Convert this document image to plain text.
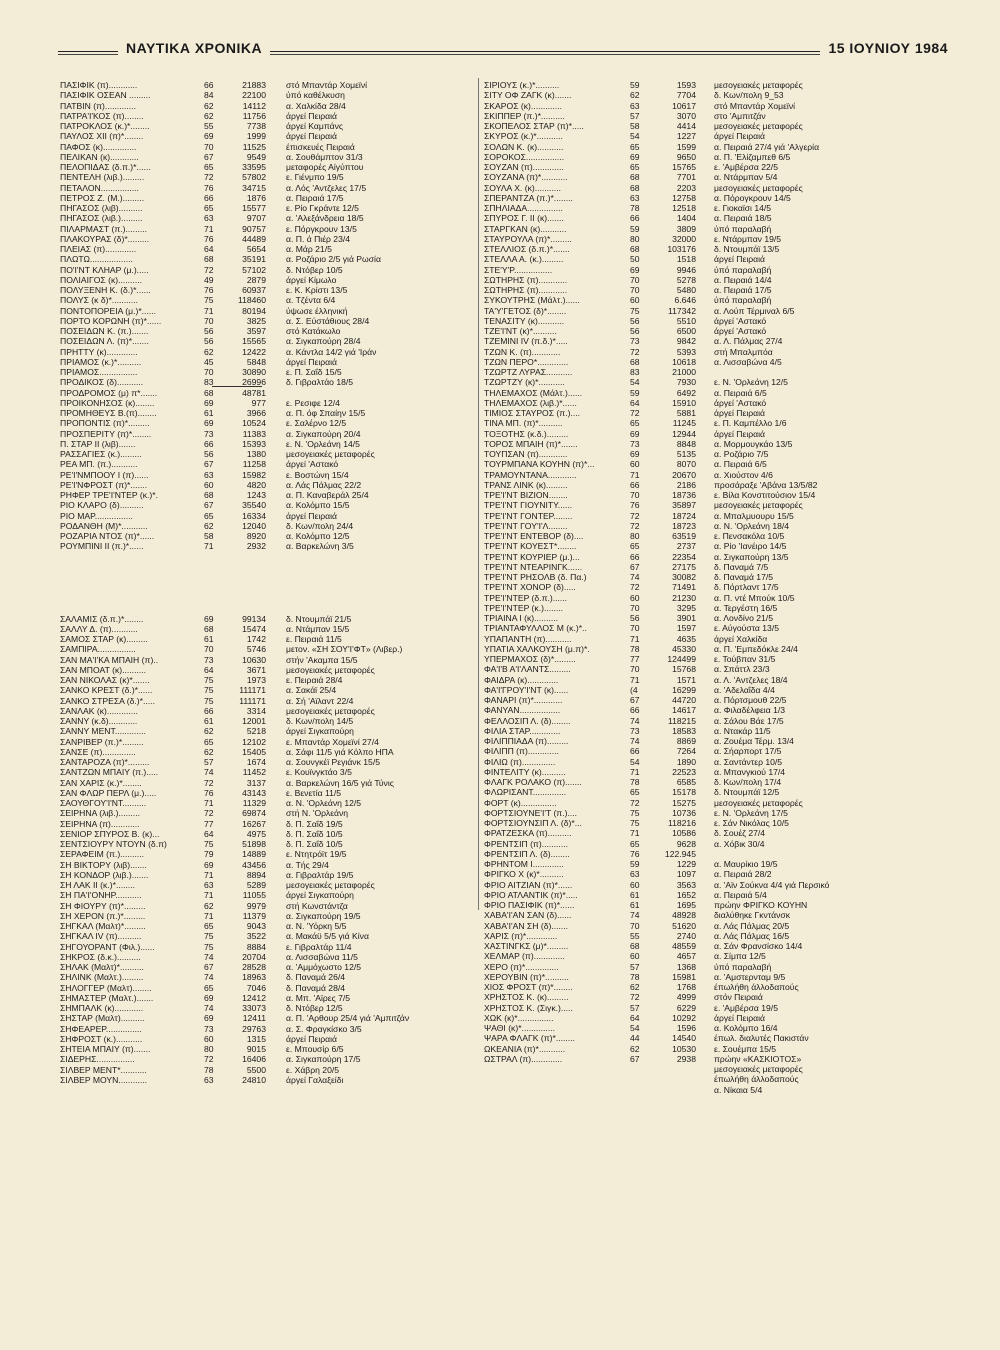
ΝΑΥΤΙΚΑ ΧΡΟΝΙΚΑ	15 ΙΟΥΝΙΟΥ 1984
ΠΑΣΙΦΙΚ (π)............	66	21883	στό Μπαντάρ Χομεϊνί
ΠΑΣΙΦΙΚ ΟΣΕΑΝ .........	84	22100	ύπό καθέλκυση
ΠΑΤΒΙΝ (π).............	62	14112	α. Χαλκίδα 28/4
ΠΑΤΡΑ'Ι'ΚΟΣ (π)........	62	11756	άργεί Πειραιά
ΠΑΤΡΟΚΛΟΣ (κ.)*........	55	7738	άργεί Καμπάνς
ΠΑΥΛΟΣ XII (π)*........	69	1999	άργεί Πειραιά
ΠΑΦΟΣ (κ)..............	70	11525	έπισκευές Πειραιά
ΠΕΛΙΚΑΝ (κ)............	67	9549	α. Σουθάμπτον 31/3
ΠΕΛΟΠΙΔΑΣ (δ.π.)*......	65	33595	μεταφορές Αίγύπτου
ΠΕΝΤΕΛΗ (λιβ.).........	72	57802	ε. Γιένμπο 19/5
ΠΕΤΑΛΟΝ................	76	34715	α. Λός 'Αντζελες 17/5
ΠΕΤΡΟΣ Ζ. (Μ.).........	66	1876	α. Πειραιά 17/5
ΠΗΓΑΣΟΣ (λιβ)..........	65	15577	ε. Ρίο Γκράντε 12/5
ΠΗΓΑΣΟΣ (λιβ.).........	63	9707	α. 'Αλεξάνδρεια 18/5
ΠΙΛΑΡΜΑΣΤ (π.).........	71	90757	ε. Πόργκρουν 13/5
ΠΛΑΚΟΥΡΑΣ (δ)*.........	76	44489	α. Π. ά Πιέρ 23/4
ΠΛΕΙΑΣ (π).............	64	5654	α. Μάρ 21/5
ΠΛΩΤΩ..................	68	35191	α. Ροζάριο 2/5 γιά Ρωσία
ΠΟ'Ι'ΝΤ ΚΛΗΑΡ (μ.).....	72	57102	δ. Ντόβερ 10/5
ΠΟΛΙΑΙΓΟΣ (κ)..........	49	2879	άργεί Κίμωλο
ΠΟΛΥΞΕΝΗ Κ. (δ.)*......	76	60937	ε. Κ. Κρίστι 13/5
ΠΟΛΥΣ (κ δ)*...........	75	118460	α. Τζέντα 6/4
ΠΟΝΤΟΠΟΡΕΙΑ (μ.)*......	71	80194	ύψωσε έλληνική
ΠΟΡΤΟ ΚΟΡΩΝΗ (π)*......	70	3825	α. Σ. Εύστάθιους 28/4
ΠΟΣΕΙΔΩΝ Κ. (π.).......	56	3597	στό Κατάκωλο
ΠΟΣΕΙΔΩΝ Λ. (π)*.......	56	15565	α. Σιγκαπούρη 28/4
ΠΡΗΤΤΥ (κ).............	62	12422	α. Κάντλα 14/2 γιά 'Ιράν
ΠΡΙΑΜΟΣ (κ.)*..........	45	5848	άργεί Πειραιά
ΠΡΙΑΜΟΣ................	70	30890	ε. Π. Σαΐδ 15/5
ΠΡΟΔΙΚΟΣ (δ)...........	83	26996	δ. Γιβραλτάο 18/5
ΠΡΟΔΡΟΜΟΣ (μ) π*.......	68	48781
ΠΡΟΙΚΟΝΗΣΟΣ (κ)........	69	977	ε. Ρεσιφε 12/4
ΠΡΟΜΗΘΕΥΣ Β.(π)........	61	3966	α. Π. όφ Σπαίην 15/5
ΠΡΟΠΟΝΤΙΣ (π)*.........	69	10524	ε. Σαλέρνο 12/5
ΠΡΟΣΠΕΡΙΤΥ (π)*........	73	11383	α. Σιγκαπούρη 20/4
Π. ΣΤΑΡ II (λιβ).......	66	15393	ε. Ν. 'Ορλεάνη 14/5
ΡΑΣΣΑΓΙΕΣ (κ.).........	56	1380	μεσογειακές μεταφορές
ΡΕΑ ΜΠ. (π.)...........	67	11258	άργεί 'Αστακό
ΡΕ'Ι'ΝΜΠΟΟΥ Ι (π)......	63	15982	ε. Βοστώνη 15/4
ΡΕ'Ι'ΝΦΡΟΣΤ (π)*.......	60	4820	α. Λάς Πάλμας 22/2
ΡΗΦΕΡ ΤΡΕ'Ι'ΝΤΕΡ (κ.)*.	68	1243	α. Π. Καναβεράλ 25/4
ΡΙΟ ΚΛΑΡΟ (δ)..........	67	35540	α. Κολόμπο 15/5
ΡΙΟ ΜΑΡ................	65	16334	άργεί Πειραιά
ΡΟΔΑΝΘΗ (Μ)*...........	62	12040	δ. Κων/πολη 24/4
ΡΟΖΑΡΙΑ ΝΤΟΣ (π)*......	58	8920	α. Κολόμπο 12/5
ΡΟΥΜΠΙΝΙ II (π.)*......	71	2932	α. Βαρκελώνη 3/5
ΣΑΛΑΜΙΣ (δ.π.)*........	69	99134	δ. Ντουμπάϊ 21/5
ΣΑΛΛΥ Δ. (π)...........	68	15474	α. Ντάμπαν 15/5
ΣΑΜΟΣ ΣΤΑΡ (κ).........	61	1742	ε. Πειραιά 11/5
ΣΑΜΠΙΡΑ................	70	5746	μετον. «ΣΗ ΣΟΥ'Ι'ΦΤ» (Λιβερ.)
ΣΑΝ ΜΑ'Ι'ΚΑ ΜΠΑΙΗ (π)..	73	10630	στήν 'Ακαμπα 15/5
ΣΑΝ ΜΠΟΑΤ (κ)..........	64	3671	μεσογειακές μεταφορές
ΣΑΝ ΝΙΚΟΛΑΣ (κ)*.......	75	1973	ε. Πειραιά 28/4
ΣΑΝΚΟ ΚΡΕΣΤ (δ.)*......	75	111171	α. Σακάϊ 25/4
ΣΑΝΚΟ ΣΤΡΕΣΑ (δ.)*.....	75	111171	α. Σή 'Αϊλαντ 22/4
ΣΑΝΛΑΚ (κ).............	66	3314	μεσογειακές μεταφορές
ΣΑΝΝΥ (κ.δ)............	61	12001	δ. Κων/πολη 14/5
ΣΑΝΝΥ ΜΕΝΤ.............	62	5218	άργεί Σιγκαπούρη
ΣΑΝΡΙΒΕΡ (π.)*.........	65	12102	ε. Μπαντάρ Χομεϊνί 27/4
ΣΑΝΣΕ (π)..............	62	15405	α. Σάφι 11/5 γιά Κόλπο ΗΠΑ
ΣΑΝΤΑΡΟΖΑ (π)*.........	57	1674	α. Σουνγκέϊ Ρεγιάνκ 15/5
ΣΑΝΤΖΩΝ ΜΠΑΙΥ (π.).....	74	11452	ε. Κουϊνγκτάο 3/5
ΣΑΝ ΧΑΡΙΣ (κ.)*........	72	3137	α. Βαρκελώνη 16/5 γιά Τύνις
ΣΑΝ ΦΛΩΡ ΠΕΡΛ (μ.).....	76	43143	ε. Βενετία 11/5
ΣΑΟΥΘΓΟΥ'Ι'ΝΤ..........	71	11329	α. Ν. 'Ορλεάνη 12/5
ΣΕΙΡΗΝΑ (λιβ.).........	72	69874	στή Ν. 'Ορλεάνη
ΣΕΙΡΗΝΑ (π)............	77	16267	δ. Π. Σαΐδ 19/5
ΣΕΝΙΟΡ ΣΠΥΡΟΣ Β. (κ)...	64	4975	δ. Π. Σαΐδ 10/5
ΣΕΝΤΣΙΟΥΡΥ ΝΤΟΥΝ (δ.π)	75	51898	δ. Π. Σαΐδ 10/5
ΣΕΡΑΦΕΙΜ (π.)..........	79	14889	ε. Ντητρόϊτ 19/5
ΣΗ ΒΙΚΤΟΡΥ (λιβ).......	69	43456	α. Τής 29/4
ΣΗ ΚΟΝΔΟΡ (λιβ.).......	71	8894	α. Γιβραλτάρ 19/5
ΣΗ ΛΑΚ II (κ.)*........	63	5289	μεσογειακές μεταφορές
ΣΗ ΠΑ'Ι'ΟΝΗΡ...........	71	11055	άργεί Σιγκαπούρη
ΣΗ ΦΙΟΥΡΥ (π)*.........	62	9979	στή Κωνστάντζα
ΣΗ ΧΕΡΟΝ (π.)*.........	71	11379	α. Σιγκαπούρη 19/5
ΣΗΓΚΑΛ (Μαλτ)*.........	65	9043	α. Ν. 'Υόρκη 5/5
ΣΗΓΚΑΛ IV (π)..........	75	3522	α. Μακάϋ 5/5 γιά Κίνα
ΣΗΓΟΥΟΡΑΝΤ (Φιλ.)......	75	8884	ε. Γιβραλτάρ 11/4
ΣΗΚΡΟΣ (δ.κ.)..........	74	20704	α. Λισσαβώνα 11/5
ΣΗΛΑΚ (Μαλτ)*..........	67	28528	α. 'Αμμόχωστο 12/5
ΣΗΛΙΝΚ (Μαλτ.).........	74	18963	δ. Παναμά 26/4
ΣΗΛΟΓΓΕΡ (Μαλτ)........	65	7046	δ. Παναμά 28/4
ΣΗΜΑΣΤΕΡ (Μαλτ.).......	69	12412	α. Μπ. 'Αϊρες 7/5
ΣΗΜΠΑΛΚ (κ)............	74	33073	δ. Ντόβερ 12/5
ΣΗΣΤΑΡ (Μαλτ)..........	69	12411	α. Π. 'Αρθουρ 25/4 γιά 'Αμπιτζάν
ΣΗΦΕΑΡΕΡ...............	73	29763	α. Σ. Φραγκίσκο 3/5
ΣΗΦΡΟΣΤ (κ.)...........	60	1315	άργεί Πειραιά
ΣΗΤΕΙΑ ΜΠΑΙΥ (π).......	80	9015	ε. Μπουσίρ 6/5
ΣΙΔΕΡΗΣ................	72	16406	α. Σιγκαπούρη 17/5
ΣΙΛΒΕΡ ΜΕΝΤ*...........	78	5500	ε. Χάβρη 20/5
ΣΙΛΒΕΡ ΜΟΥΝ............	63	24810	άργεί Γαλαξείδι
ΣΙΡΙΟΥΣ (κ.)*..........	59	1593	μεσογειακές μεταφορές
ΣΙΤΥ ΟΦ ΖΑΓΚ (κ).......	62	7704	δ. Κων/πολη 9_53
ΣΚΑΡΟΣ (κ).............	63	10617	στό Μπαντάρ Χομεϊνί
ΣΚΙΠΠΕΡ (π.)*..........	57	3070	στο 'Αμπιτζάν
ΣΚΟΠΕΛΟΣ ΣΤΑΡ (π)*.....	58	4414	μεσογειακές μεταφορές
ΣΚΥΡΟΣ (κ.)*...........	54	1227	άργεί Πειραιά
ΣΟΛΩΝ Κ. (κ)...........	65	1599	α. Πειραιά 27/4 γιά 'Αλγερία
ΣΟΡΟΚΟΣ................	69	9650	α. Π. 'Ελίζαμπεθ 6/5
ΣΟΥΖΑΝ (π).............	65	15765	ε. 'Αμβέρσα 22/5
ΣΟΥΖΑΝΑ (π)*...........	68	7701	α. Ντάρμπαν 5/4
ΣΟΥΛΑ Χ. (κ)...........	68	2203	μεσογειακές μεταφορές
ΣΠΕΡΑΝΤΖΑ (π.)*........	63	12758	α. Πόρογκρουν 14/5
ΣΠΗΛΙΑΔΑ...............	78	12518	ε. Γιοκαϊσι 14/5
ΣΠΥΡΟΣ Γ. II (κ).......	66	1404	α. Πειραιά 18/5
ΣΤΑΡΓΚΑΝ (κ)...........	59	3809	ύπό παραλαβή
ΣΤΑΥΡΟΥΛΑ (π)*.........	80	32000	ε. Ντάρμπαν 19/5
ΣΤΕΛΛΙΟΣ (δ.π.)*.......	68	103176	δ. Ντουμπάϊ 13/5
ΣΤΕΛΛΑ Α. (κ.).........	50	1518	άργεί Πειραιά
ΣΤΕ'Υ'Ρ................	69	9946	ύπό παραλαβή
ΣΩΤΗΡΗΣ (π)............	70	5278	α. Πειραιά 14/4
ΣΩΤΗΡΗΣ (π)............	70	5480	α. Πειραιά 17/5
ΣΥΚΟΥΤΡΗΣ (Μάλτ.)......	60	6.646	ύπό παραλαβή
ΤΑ'Υ'ΓΕΤΟΣ (δ)*........	75	117342	α. Λούπ Τέρμιναλ 6/5
ΤΕΝΑΣΙΤΥ (κ)...........	56	5510	άργεί 'Αστακό
ΤΖΕ'Ι'ΝΤ (κ)*..........	56	6500	άργεί 'Αστακό
ΤΖΕΜΙΝΙ IV (π.δ.)*.....	73	9842	α. Λ. Πάλμας 27/4
ΤΖΩΝ Κ. (π)............	72	5393	στή Μπαλμπόα
ΤΖΩΝ ΠΕΡΟ*.............	68	10618	α. Λισσαβώνα 4/5
ΤΖΩΡΤΖ ΛΥΡΑΣ...........	83	21000
ΤΖΩΡΤΖΥ (κ)*...........	54	7930	ε. Ν. 'Ορλεάνη 12/5
ΤΗΛΕΜΑΧΟΣ (Μάλτ.)......	59	6492	α. Πειραιά 6/5
ΤΗΛΕΜΑΧΟΣ (λιβ.)*......	64	15910	άργεί 'Αστακό
ΤΙΜΙΟΣ ΣΤΑΥΡΟΣ (π.)....	72	5881	άργεί Πειραιά
ΤΙΝΑ ΜΠ. (π)*..........	65	11245	ε. Π. Καμπέλλο 1/6
ΤΟΞΟΤΗΣ (κ.δ.).........	69	12944	άργεί Πειραιά
ΤΟΡΟΣ ΜΠΑΙΗ (π)*.......	73	8848	α. Μορμουγκάο 13/5
ΤΟΥΠΣΑΝ (π)............	69	5135	α. Ροζάριο 7/5
ΤΟΥΡΜΠΑΝΑ ΚΟΥΗΝ (π)*...	60	8070	α. Πειραιά 6/5
ΤΡΑΜΟΥΝΤΑΝΑ............	71	20670	α. Χιούστον 4/6
ΤΡΑΝΣ ΛΙΝΚ (κ).........	66	2186	προσάραξε 'Αβάνα 13/5/82
ΤΡΕ'Ι'ΝΤ ΒΙΖΙΟΝ........	70	18736	ε. Βίλα Κονστιτούσιον 15/4
ΤΡΕ'Ι'ΝΤ ΓΙΟΥΝΙΤΥ......	76	35897	μεσογειακές μεταφορές
ΤΡΕ'Ι'ΝΤ ΓΟΝΤΕΡ........	72	18724	α. Μπαλμυουρυ 15/5
ΤΡΕ'Ι'ΝΤ ΓΟΥ'Ι'Λ........	72	18723	α. Ν. 'Ορλεάνη 18/4
ΤΡΕ'Ι'ΝΤ ΕΝΤΕΒΟΡ (δ)....	80	63519	ε. Πενσακόλα 10/5
ΤΡΕ'Ι'ΝΤ ΚΟΥΕΣΤ*........	65	2737	α. Ρίο 'Ιανέιρο 14/5
ΤΡΕ'Ι'ΝΤ ΚΟΥΡΙΕΡ (μ.)...	66	22354	α. Σιγκαπούρη 13/5
ΤΡΕ'Ι'ΝΤ ΝΤΕΑΡΙΝΓΚ......	67	27175	δ. Παναμά 7/5
ΤΡΕ'Ι'ΝΤ ΡΗΣΟΛΒ (δ. Πα.)	74	30082	δ. Παναμά 17/5
ΤΡΕ'Ι'ΝΤ ΧΟΝΟΡ (δ).....	72	71491	δ. Πόρτλαντ 17/5
ΤΡΕ'Ι'ΝΤΕΡ (δ.π.)......	60	21230	α. Π. ντέ Μπούκ 10/5
ΤΡΕ'Ι'ΝΤΕΡ (κ.)........	70	3295	α. Τεργέστη 16/5
ΤΡΙΑΙΝΑ Ι (κ)..........	56	3901	α. Λονδίνο 21/5
ΤΡΙΑΝΤΑΦΥΛΛΟΣ Μ (κ.)*..	70	1597	ε. Αύγούστα 13/5
ΥΠΑΠΑΝΤΗ (π)...........	71	4635	άργεί Χαλκίδα
ΥΠΑΤΙΑ ΧΑΛΚΟΥΣΗ (μ.π)*.	78	45330	α. Π. 'Εμπεδόκλε 24/4
ΥΠΕΡΜΑΧΟΣ (δ)*.........	77	124499	ε. Τούβπαν 31/5
ΦΑ'Ι'Β Α'Ι'ΛΑΝΤΣ.........	70	15768	α. Σπάττλ 23/3
ΦΑΙΔΡΑ (κ).............	71	1571	α. Λ. 'Αντζελες 18/4
ΦΑ'Ι'ΓΡΟΥ'Ι'ΝΤ (κ)......	(4	16299	α. 'Αδελαΐδα 4/4
ΦΑΝΑΡΙ (π)*............	67	44720	α. Πόρτσμουθ 22/5
ΦΑΝΥΑΝ.................	66	14617	α. Φιλαδέλφεια 1/3
ΦΕΛΛΟΣΙΠ Λ. (δ)........	74	118215	α. Σάλου Βάε 17/5
ΦΙΛΙΑ ΣΤΑΡ.............	73	18583	α. Ντακάρ 11/5
ΦΙΛΙΠΠΙΑΔΑ (π).........	74	8869	α. Ζουέμα Τέρμ. 13/4
ΦΙΛΙΠΠ (π).............	66	7264	α. Σήαρπορτ 17/5
ΦΙΛΙΩ (π)..............	54	1890	α. Σαντάντερ 10/5
ΦΙΝΤΕΛΙΤΥ (κ)..........	71	22523	α. Μπανγκιού 17/4
ΦΛΑΓΚ ΡΟΛΑΚΟ (π).......	78	6585	δ. Κων/πολη 17/4
ΦΛΩΡΙΣΑΝΤ..............	65	15178	δ. Ντουμπάϊ 12/5
ΦΟΡΤ (κ)...............	72	15275	μεσογειακές μεταφορές
ΦΟΡΤΣΙΟΥΝΕ'Ι'Τ (π.)....	75	10736	ε. Ν. 'Ορλεάνη 17/5
ΦΟΡΤΣΙΟΥΝΣΙΠ Λ. (δ)*...	75	118216	ε. Σάν Νικόλας 10/5
ΦΡΑΤΖΕΣΚΑ (π)..........	71	10586	δ. Σουέζ 27/4
ΦΡΕΝΤΣΙΠ (π)...........	65	9628	α. Χόβικ 30/4
ΦΡΕΝΤΣΙΠ Λ. (δ)........	76	122.945
ΦΡΗΝΤΟΜ Ι.............	59	1229	α. Μαυρίκιο 19/5
ΦΡΙΓΚΟ Χ (κ)*..........	63	1097	α. Πειραιά 28/2
ΦΡΙΟ ΑΙΤΖΙΑΝ (π)*......	60	3563	α. 'Αϊν Σούκνα 4/4 γιά Περσικό
ΦΡΙΟ ΑΤΛΑΝΤΙΚ (π)*.....	61	1652	α. Πειραιά 5/4
ΦΡΙΟ ΠΑΣΙΦΙΚ (π)*......	61	1695	πρώην ΦΡΙΓΚΟ ΚΟΥΗΝ
ΧΑΒΑ'Ι'ΑΝ ΣΑΝ (δ)......	74	48928	διαλύθηκε Γκντάνσκ
ΧΑΒΑ'Ι'ΑΝ ΣΗ (δ).......	70	51620	α. Λάς Πάλμας 20/5
ΧΑΡΙΣ (π)*.............	55	2740	α. Λάς Πάλμας 16/5
ΧΑΣΤΙΝΓΚΣ (μ)*.........	68	48559	α. Σάν Φρανσίσκο 14/4
ΧΕΛΜΑΡ (π).............	60	4657	α. Σίμπα 12/5
ΧΕΡΟ (π)*..............	57	1368	ύπό παραλαβή
ΧΕΡΟΥΒΙΝ (π)*..........	78	15981	α. 'Αμστερνταμ 9/5
ΧΙΟΣ ΦΡΟΣΤ (π)*........	62	1768	έπωλήθη άλλοδαπούς
ΧΡΗΣΤΟΣ Κ. (κ).........	72	4999	στόν Πειραιά
ΧΡΗΣΤΟΣ Κ. (Σιγκ.).....	57	6229	ε. 'Αμβέρσα 19/5
ΧΩΚ (κ)*...............	64	10292	άργεί Πειραιά
ΨΑΘΙ (κ)*..............	54	1596	α. Κολόμπο 16/4
ΨΑΡΑ ΦΛΑΓΚ (π)*........	44	14540	έπωλ. διαλυτές Πακιστάν
ΩΚΕΑΝΙΑ (π)*...........	62	10530	ε. Σουέμπα 15/5
ΩΣΤΡΑΛ (π).............	67	2938	πρώην «ΚΑΣΚΙΟΤΟΣ»
μεσογειακές μεταφορές
έπωλήθη άλλοδαπούς
α. Νίκαια 5/4
